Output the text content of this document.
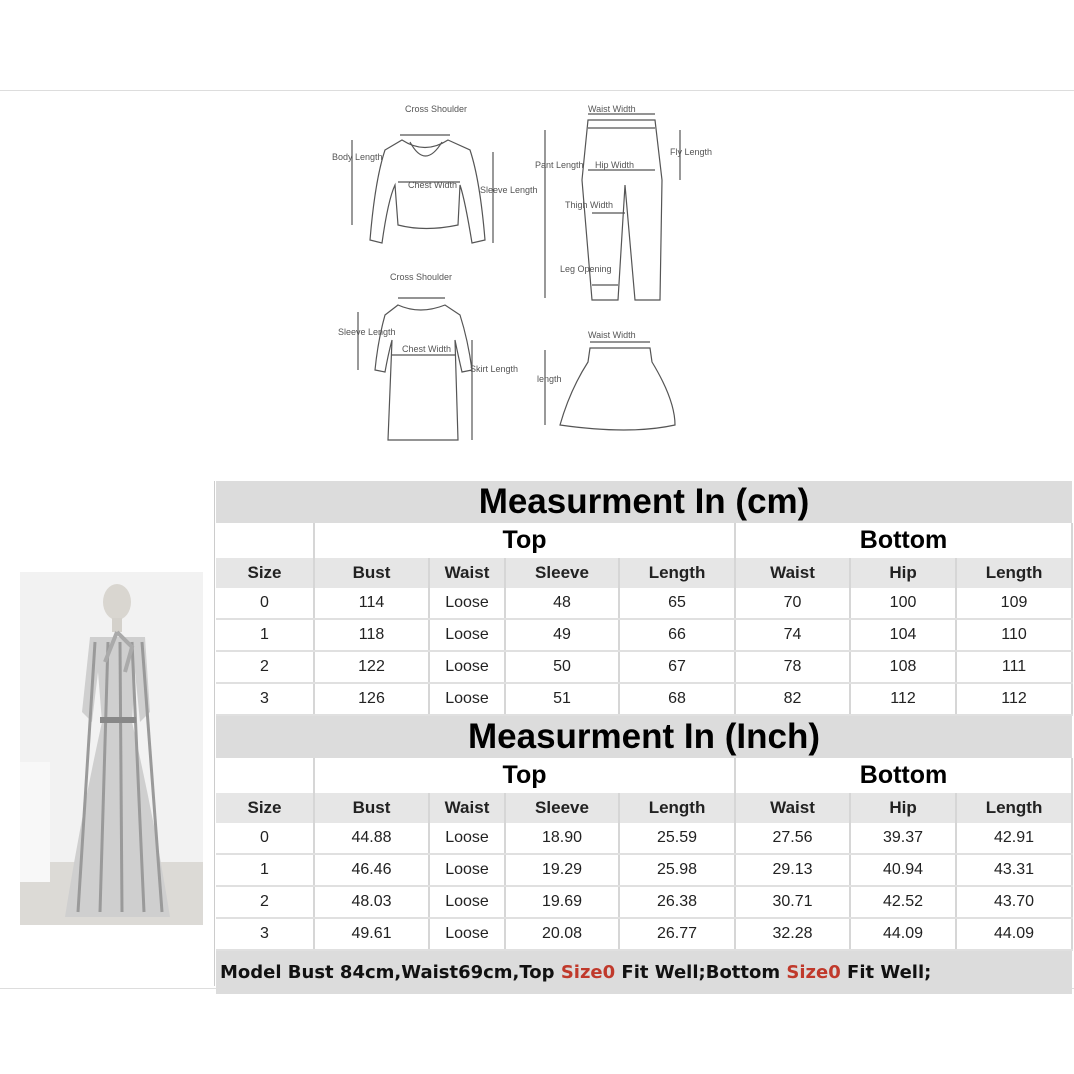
Cross Shoulder
Body Length
Chest Width	Sleeve Length
Waist Width
Pant Length Hip Width
Fly Length
Thigh Width
Leg Opening
Cross Shoulder
Sleeve Length
Chest Width
Skirt Length
Waist Width
length
Measurment In (cm)
	Top				Bottom		
Size	Bust	Waist	Sleeve	Length	Waist	Hip	Length
0	114	Loose	48	65	70	100	109
1	118	Loose	49	66	74	104	110
2	122	Loose	50	67	78	108	111
3	126	Loose	51	68	82	112	112
Measurment In (Inch)
	Top				Bottom		
Size	Bust	Waist	Sleeve	Length	Waist	Hip	Length
0	44.88	Loose	18.90	25.59	27.56	39.37	42.91
1	46.46	Loose	19.29	25.98	29.13	40.94	43.31
2	48.03	Loose	19.69	26.38	30.71	42.52	43.70
3	49.61	Loose	20.08	26.77	32.28	44.09	44.09
Model Bust 84cm,Waist69cm,Top Size0 Fit Well;Bottom Size0 Fit Well;
